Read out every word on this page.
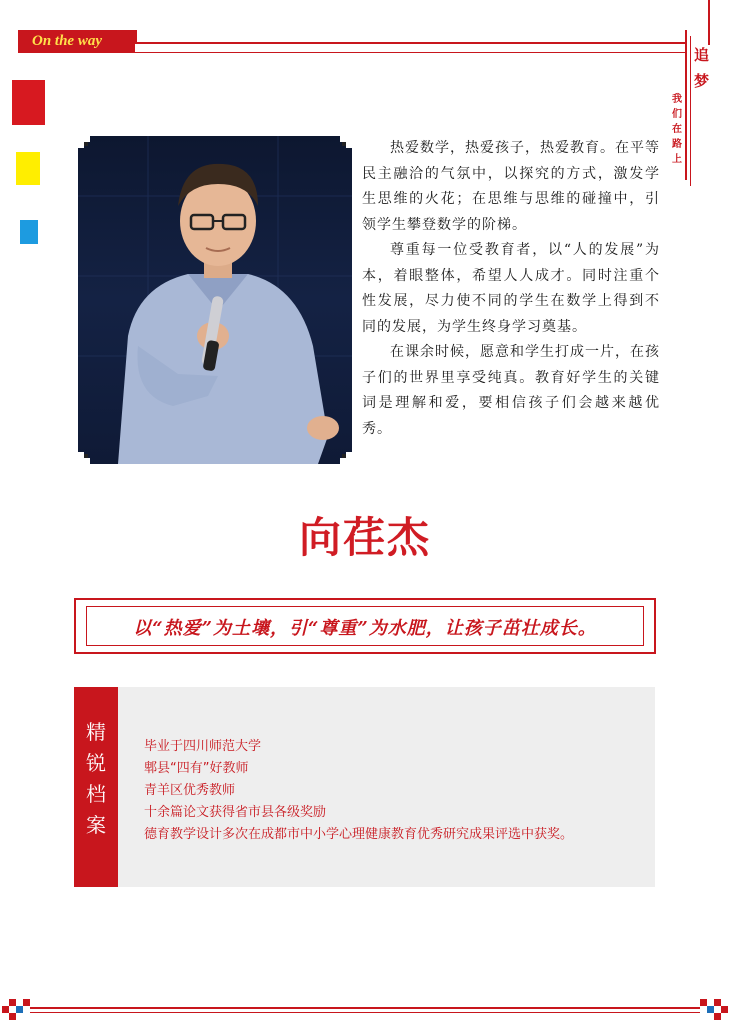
On the way
追梦
我们在路上

热爱数学，热爱孩子，热爱教育。在平等民主融洽的气氛中，以探究的方式，激发学生思维的火花；在思维与思维的碰撞中，引领学生攀登数学的阶梯。

尊重每一位受教育者，以“人的发展”为本，着眼整体，希望人人成才。同时注重个性发展，尽力使不同的学生在数学上得到不同的发展，为学生终身学习奠基。

在课余时候，愿意和学生打成一片，在孩子们的世界里享受纯真。教育好学生的关键词是理解和爱，要相信孩子们会越来越优秀。

向荏杰
以“热爱”为土壤，引“尊重”为水肥，让孩子茁壮成长。
精
锐
档
案
毕业于四川师范大学
郫县“四有”好教师
青羊区优秀教师
十余篇论文获得省市县各级奖励
德育教学设计多次在成都市中小学心理健康教育优秀研究成果评选中获奖。
